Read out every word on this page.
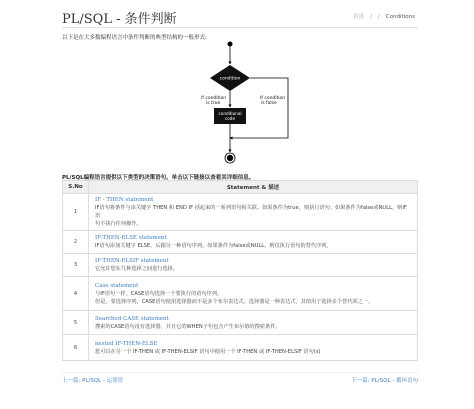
PL/SQL - 条件判断	首页 / / Conditions
以下是在大多数编程语言中条件判断的典型结构的一般形式:
condition
If condition
is true
If condition
is false
conditional
code
PL/SQL编程语言提供以下类型的决策语句。单击以下链接以查看其详细信息。
S.No	Statement & 描述
1	IF - THEN statement
IF语句将条件与由关键字 THEN 和 END IF 括起来的一系列语句相关联。如果条件为true，则执行语句；如果条件为false或NULL，则IF语
句不执行任何操作。

2	IF-THEN-ELSE statement
IF语句添加关键字 ELSE，后跟另一种语句序列。如果条件为false或NULL，则仅执行语句的替代序列。

3	IF-THEN-ELSIF statement
它允许您在几种选择之间进行选择。

4	Case statement
与IF语句一样，CASE语句选择一个要执行的语句序列。
但是，要选择序列，CASE语句使用选择器而不是多个布尔表达式。选择器是一种表达式，其值用于选择多个替代项之一。

5	Searched CASE statement
搜索的CASE语句没有选择器，并且它的WHEN子句包含产生布尔值的搜索条件。

6	nested IF-THEN-ELSE
您可以在另一个 IF-THEN 或 IF-THEN-ELSIF 语句中使用一个 IF-THEN 或 IF-THEN-ELSIF 语句(s)
上一篇: PL/SQL - 运算符	下一篇: PL/SQL - 循环语句
